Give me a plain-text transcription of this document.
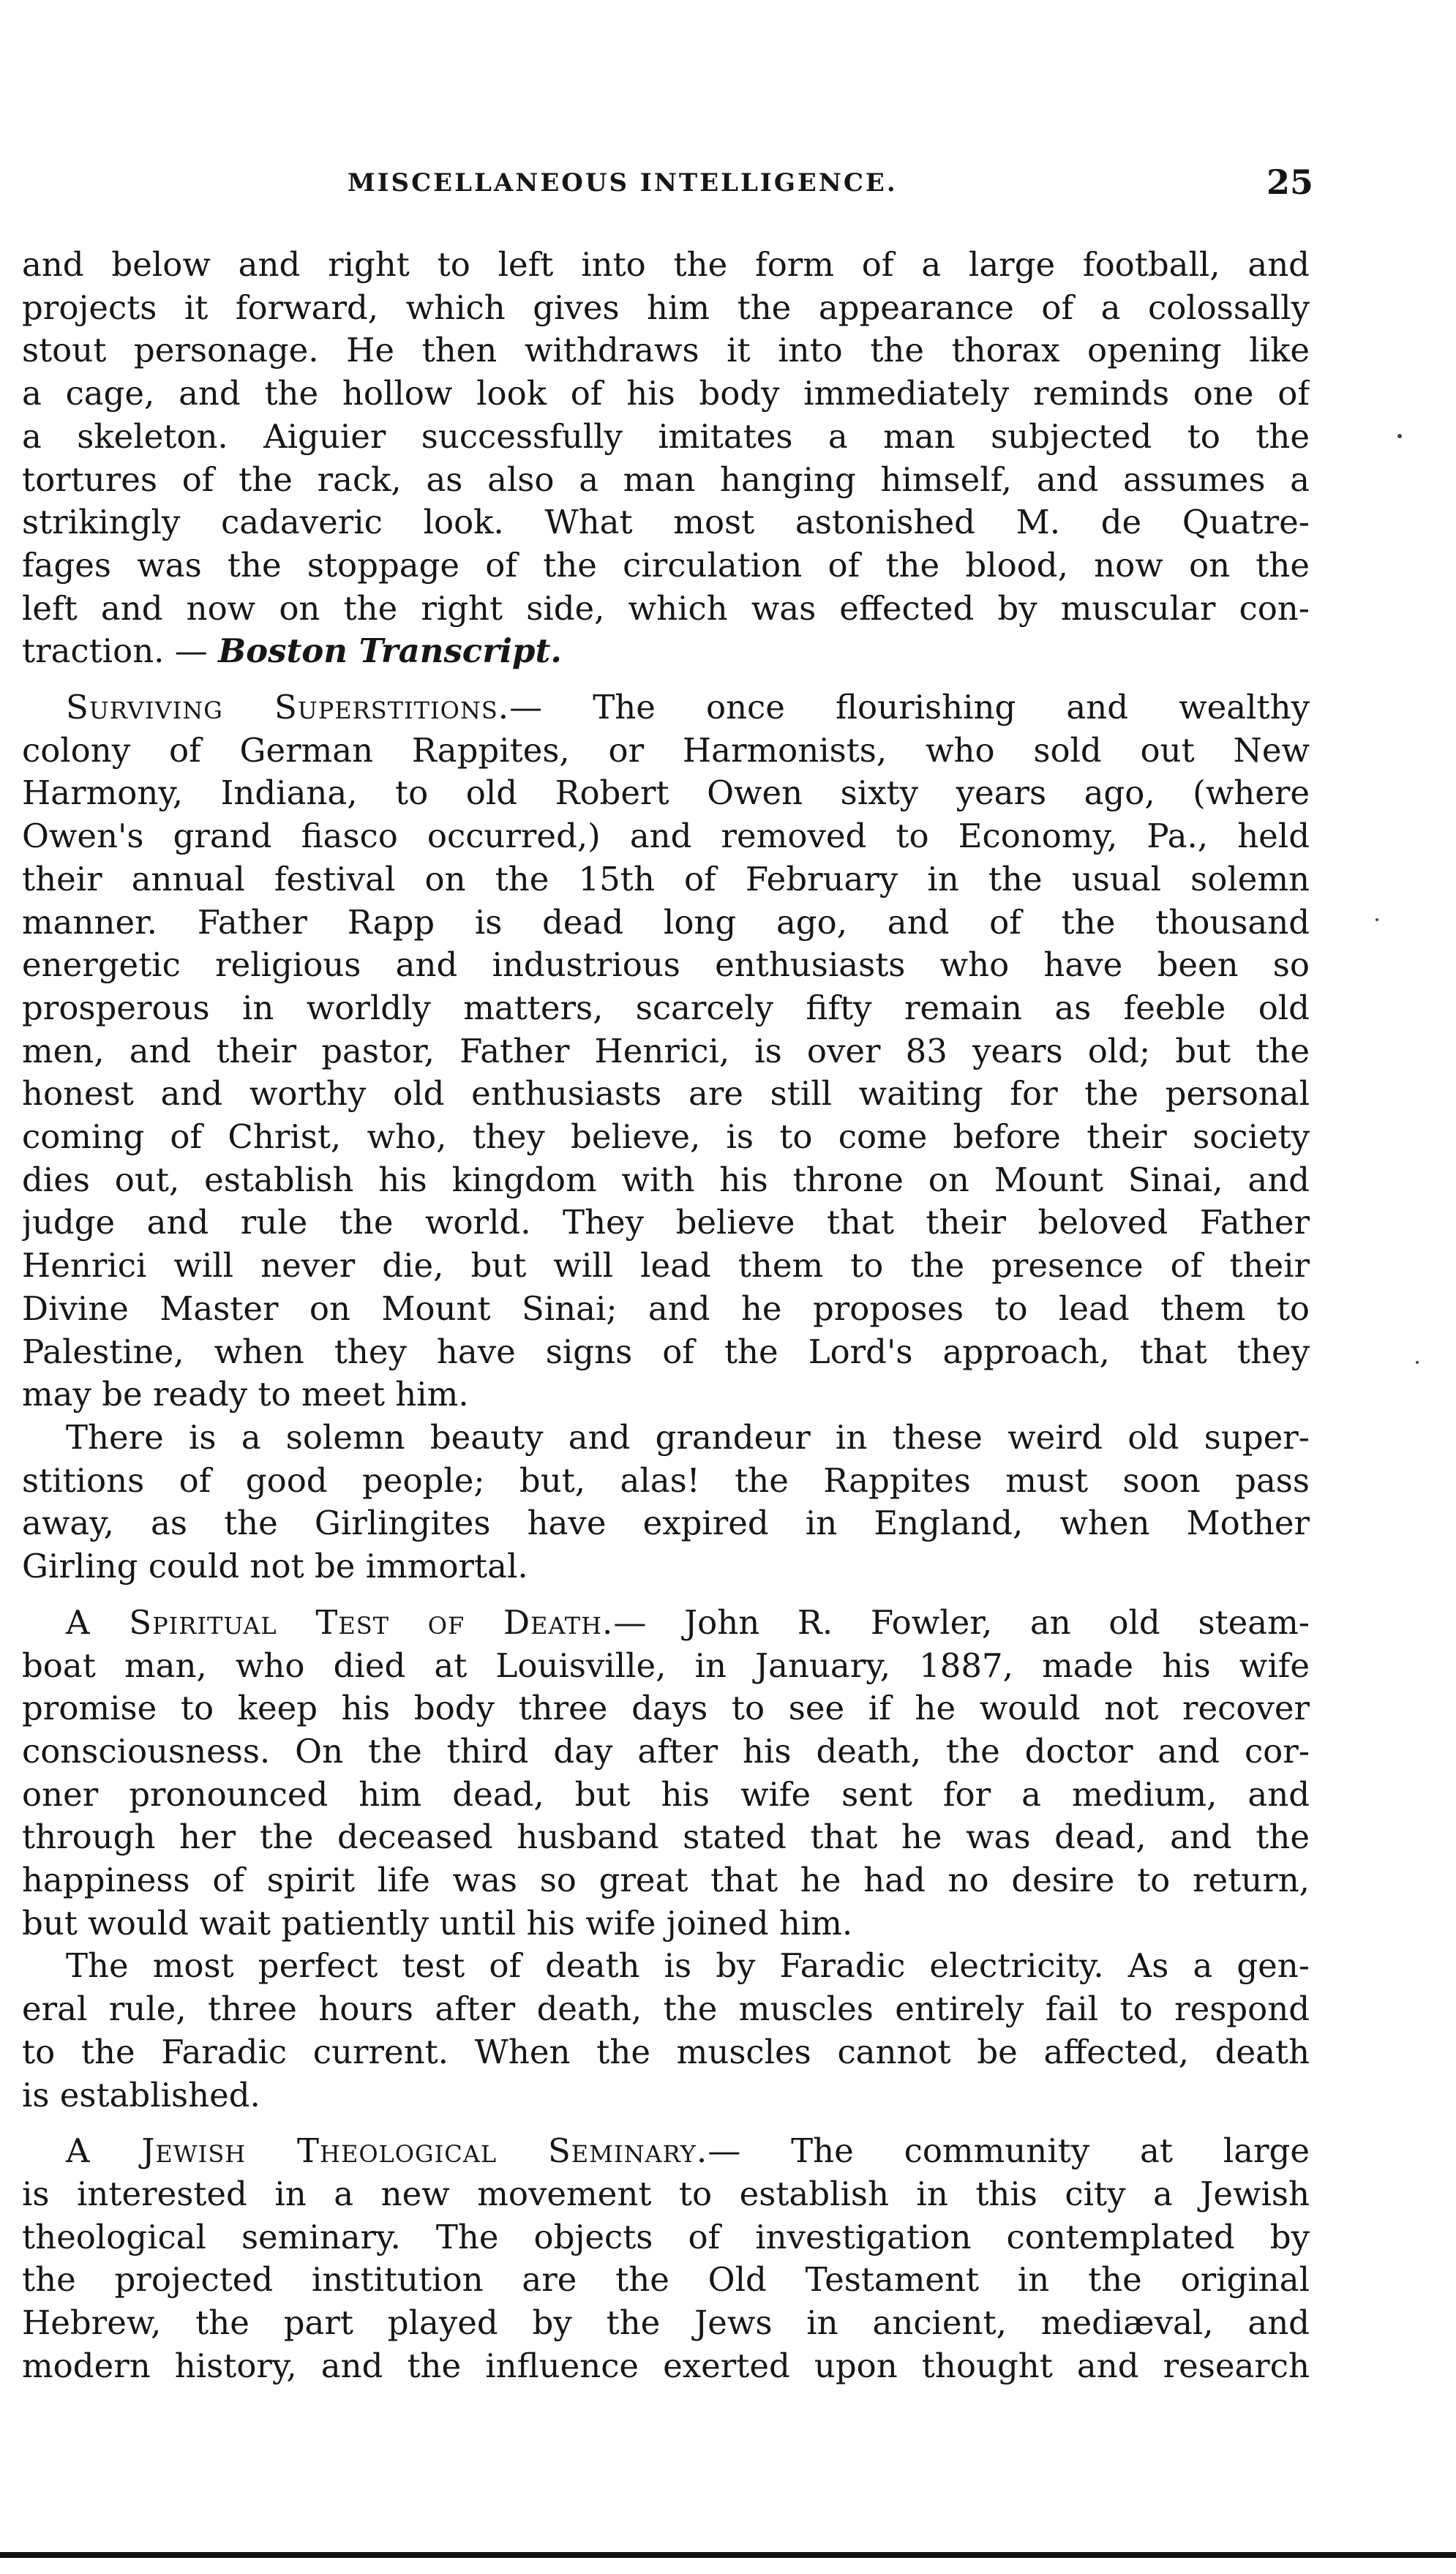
MISCELLANEOUS INTELLIGENCE.	25
and below and right to left into the form of a large football, and
projects it forward, which gives him the appearance of a colossally
stout personage. He then withdraws it into the thorax opening like
a cage, and the hollow look of his body immediately reminds one of
a skeleton. Aiguier successfully imitates a man subjected to the
tortures of the rack, as also a man hanging himself, and assumes a
strikingly cadaveric look. What most astonished M. de Quatre-
fages was the stoppage of the circulation of the blood, now on the
left and now on the right side, which was effected by muscular con-
traction. — Boston Transcript.
Surviving Superstitions.— The once flourishing and wealthy
colony of German Rappites, or Harmonists, who sold out New
Harmony, Indiana, to old Robert Owen sixty years ago, (where
Owen's grand fiasco occurred,) and removed to Economy, Pa., held
their annual festival on the 15th of February in the usual solemn
manner. Father Rapp is dead long ago, and of the thousand
energetic religious and industrious enthusiasts who have been so
prosperous in worldly matters, scarcely fifty remain as feeble old
men, and their pastor, Father Henrici, is over 83 years old; but the
honest and worthy old enthusiasts are still waiting for the personal
coming of Christ, who, they believe, is to come before their society
dies out, establish his kingdom with his throne on Mount Sinai, and
judge and rule the world. They believe that their beloved Father
Henrici will never die, but will lead them to the presence of their
Divine Master on Mount Sinai; and he proposes to lead them to
Palestine, when they have signs of the Lord's approach, that they
may be ready to meet him.
There is a solemn beauty and grandeur in these weird old super-
stitions of good people; but, alas! the Rappites must soon pass
away, as the Girlingites have expired in England, when Mother
Girling could not be immortal.
A Spiritual Test of Death.— John R. Fowler, an old steam-
boat man, who died at Louisville, in January, 1887, made his wife
promise to keep his body three days to see if he would not recover
consciousness. On the third day after his death, the doctor and cor-
oner pronounced him dead, but his wife sent for a medium, and
through her the deceased husband stated that he was dead, and the
happiness of spirit life was so great that he had no desire to return,
but would wait patiently until his wife joined him.
The most perfect test of death is by Faradic electricity. As a gen-
eral rule, three hours after death, the muscles entirely fail to respond
to the Faradic current. When the muscles cannot be affected, death
is established.
A Jewish Theological Seminary.— The community at large
is interested in a new movement to establish in this city a Jewish
theological seminary. The objects of investigation contemplated by
the projected institution are the Old Testament in the original
Hebrew, the part played by the Jews in ancient, mediæval, and
modern history, and the influence exerted upon thought and research
